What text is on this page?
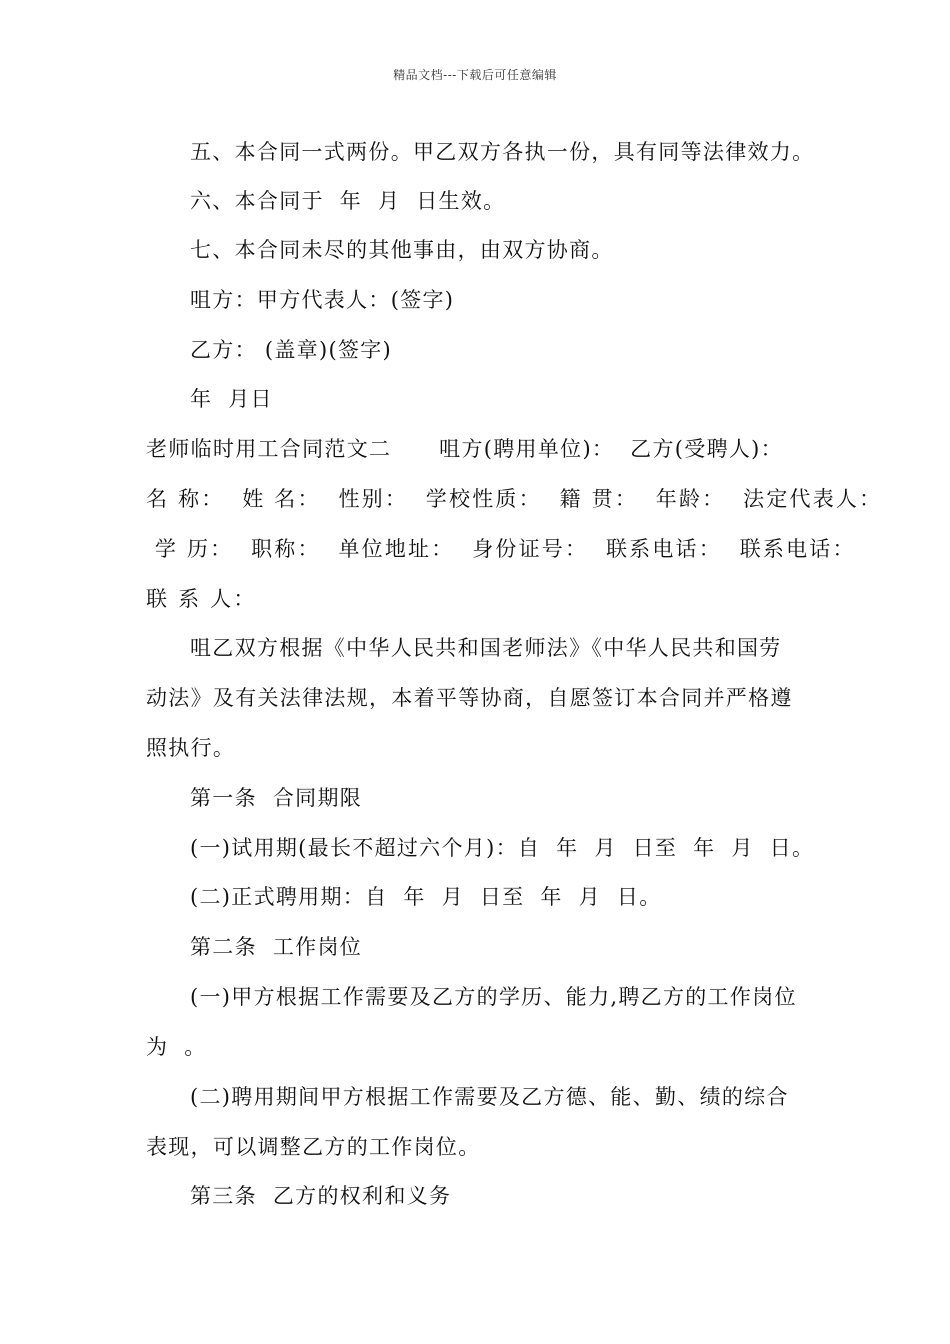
精品文档---下载后可任意编辑
五、本合同一式两份。甲乙双方各执一份，具有同等法律效力。
六、本合同于  年  月  日生效。
七、本合同未尽的其他事由，由双方协商。
咀方：甲方代表人：(签字)
乙方： (盖章)(签字)
年  月日
老师临时用工合同范文二      咀方(聘用单位)：  乙方(受聘人)：
名 称：  姓 名：  性别：  学校性质：  籍 贯：  年龄：  法定代表人：
学 历：  职称：  单位地址：  身份证号：  联系电话：  联系电话：
联 系 人：
咀乙双方根据《中华人民共和国老师法》《中华人民共和国劳
动法》及有关法律法规，本着平等协商，自愿签订本合同并严格遵
照执行。
第一条  合同期限
(一)试用期(最长不超过六个月)：自  年  月  日至  年  月  日。
(二)正式聘用期：自  年  月  日至  年  月  日。
第二条  工作岗位
(一)甲方根据工作需要及乙方的学历、能力,聘乙方的工作岗位
为  。
(二)聘用期间甲方根据工作需要及乙方德、能、勤、绩的综合
表现，可以调整乙方的工作岗位。
第三条  乙方的权利和义务
